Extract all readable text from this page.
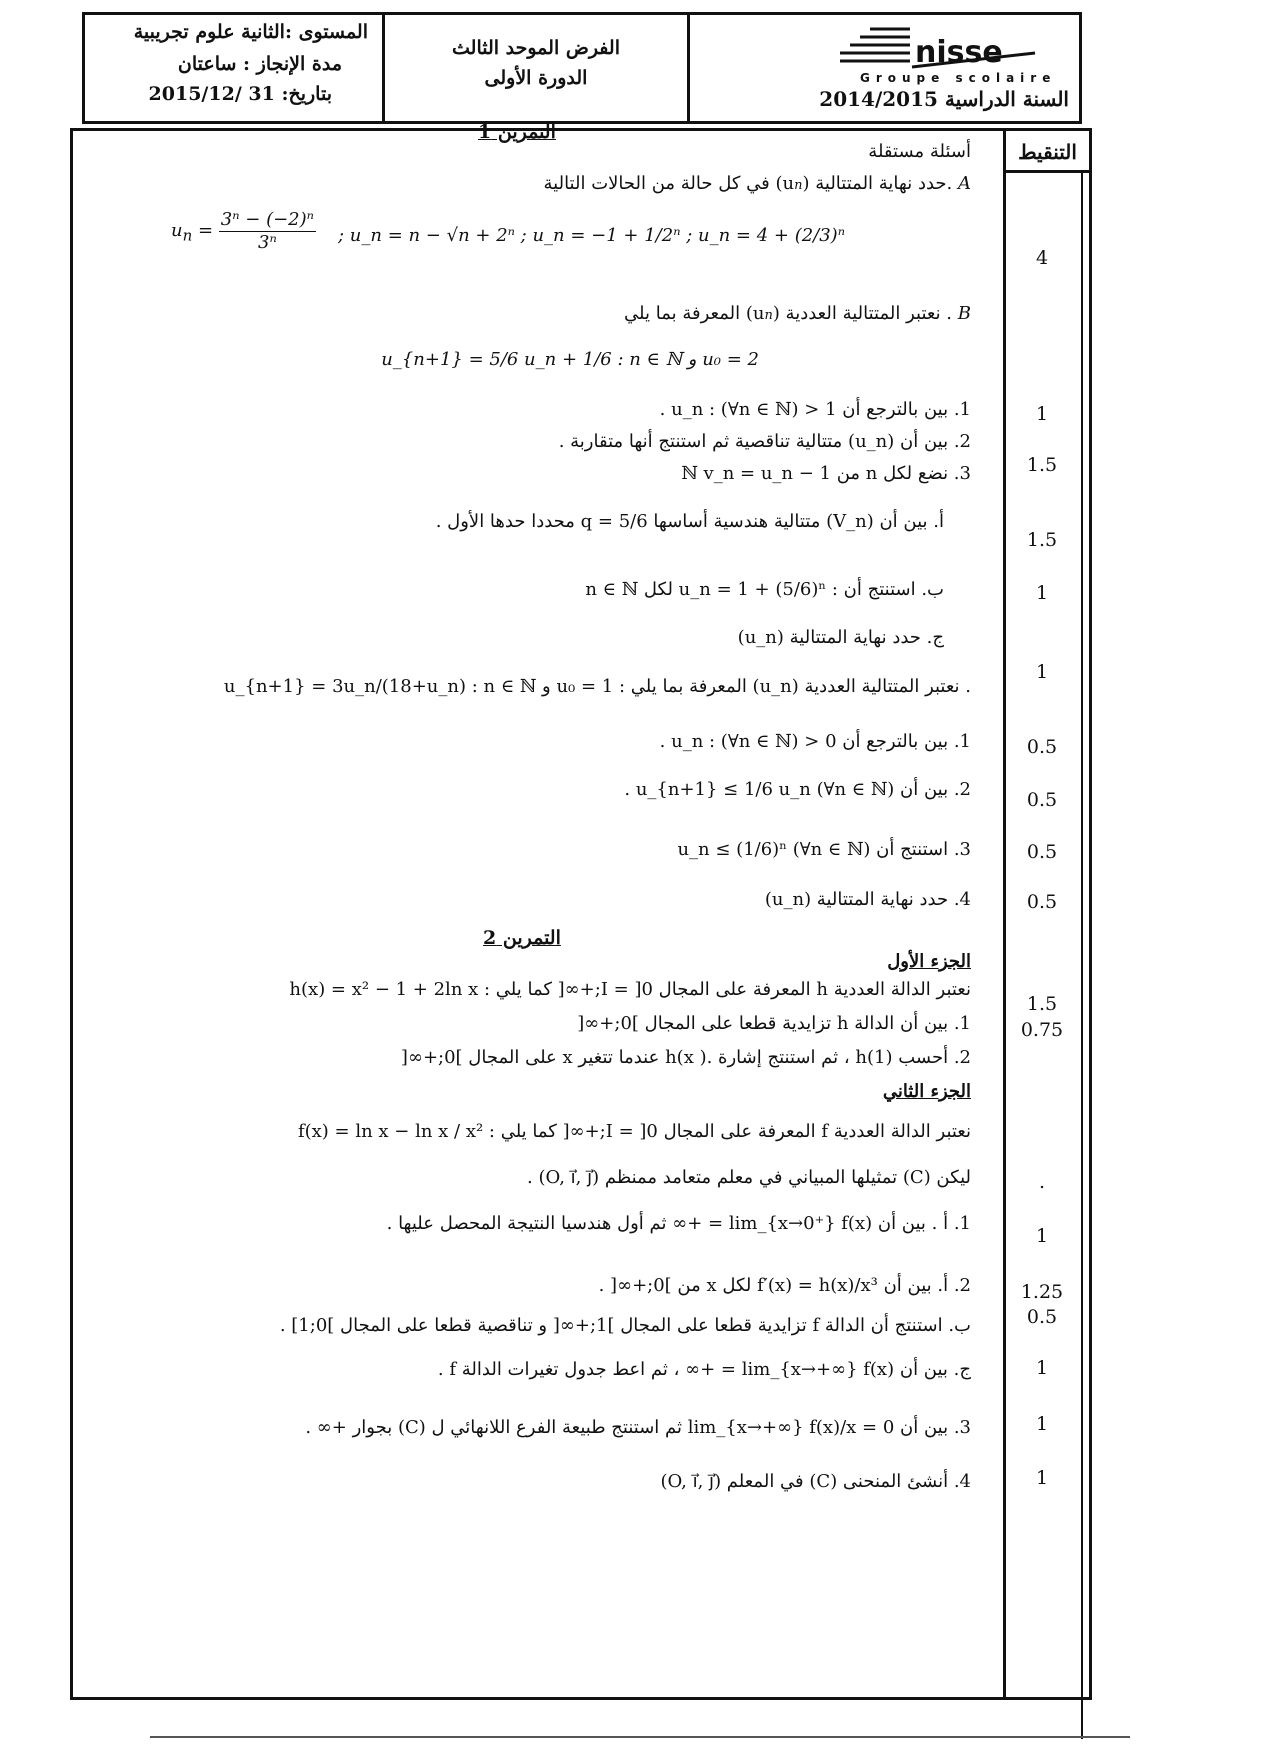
المستوى :الثانية علوم تجريبية
مدة الإنجاز : ساعتان
بتاريخ: 31 /2015/12
الفرض الموحد الثالث
الدورة الأولى
nisse
Groupe scolaire
السنة الدراسية 2014/2015
التنقيط
4
1
1.5
1.5
1
1
0.5
0.5
0.5
0.5
1.5
0.75
.
1
1.25
0.5
1
1
1
التمرين 1
أسئلة مستقلة
A .حدد نهاية المتتالية (un) في كل حالة من الحالات التالية
$u_n = \frac{\text{3ⁿ − (−2)ⁿ}}{\text{3ⁿ}}$ ; u_n = n − √n + 2ⁿ ; u_n = −1 + 1/2ⁿ ; u_n = 4 + (2/3)ⁿ
B . نعتبر المتتالية العددية (un) المعرفة بما يلي
u₀ = 2 و u_{n+1} = 5/6 u_n + 1/6 : n ∈ ℕ
1. بين بالترجع أن 1 < u_n : (∀n ∈ ℕ) .
2. بين أن (u_n) متتالية تناقصية ثم استنتج أنها متقاربة .
3. نضع لكل n من ℕ v_n = u_n − 1
أ. بين أن (V_n) متتالية هندسية أساسها q = 5/6 محددا حدها الأول .
ب. استنتج أن : u_n = 1 + (5/6)ⁿ لكل n ∈ ℕ
ج. حدد نهاية المتتالية (u_n)
. نعتبر المتتالية العددية (u_n) المعرفة بما يلي : u₀ = 1 و u_{n+1} = 3u_n/(18+u_n) : n ∈ ℕ
1. بين بالترجع أن 0 < u_n : (∀n ∈ ℕ) .
2. بين أن u_{n+1} ≤ 1/6 u_n (∀n ∈ ℕ) .
3. استنتج أن u_n ≤ (1/6)ⁿ (∀n ∈ ℕ)
4. حدد نهاية المتتالية (u_n)
التمرين 2
الجزء الأول
نعتبر الدالة العددية h المعرفة على المجال I = ]0;+∞[ كما يلي : h(x) = x² − 1 + 2ln x
1. بين أن الدالة h تزايدية قطعا على المجال ]0;+∞[
2. أحسب h(1) ، ثم استنتج إشارة .( h(x عندما تتغير x على المجال ]0;+∞[
الجزء الثاني
نعتبر الدالة العددية f المعرفة على المجال I = ]0;+∞[ كما يلي : f(x) = ln x − ln x / x²
ليكن (C) تمثيلها المبياني في معلم متعامد ممنظم (O, i⃗, j⃗) .
1. أ . بين أن lim_{x→0⁺} f(x) = +∞ ثم أول هندسيا النتيجة المحصل عليها .
2. أ. بين أن f′(x) = h(x)/x³ لكل x من ]0;+∞[ .
ب. استنتج أن الدالة f تزايدية قطعا على المجال ]1;+∞[ و تناقصية قطعا على المجال ]0;1] .
ج. بين أن lim_{x→+∞} f(x) = +∞ ، ثم اعط جدول تغيرات الدالة f .
3. بين أن lim_{x→+∞} f(x)/x = 0 ثم استنتج طبيعة الفرع اللانهائي ل (C) بجوار +∞ .
4. أنشئ المنحنى (C) في المعلم (O, i⃗, j⃗)
